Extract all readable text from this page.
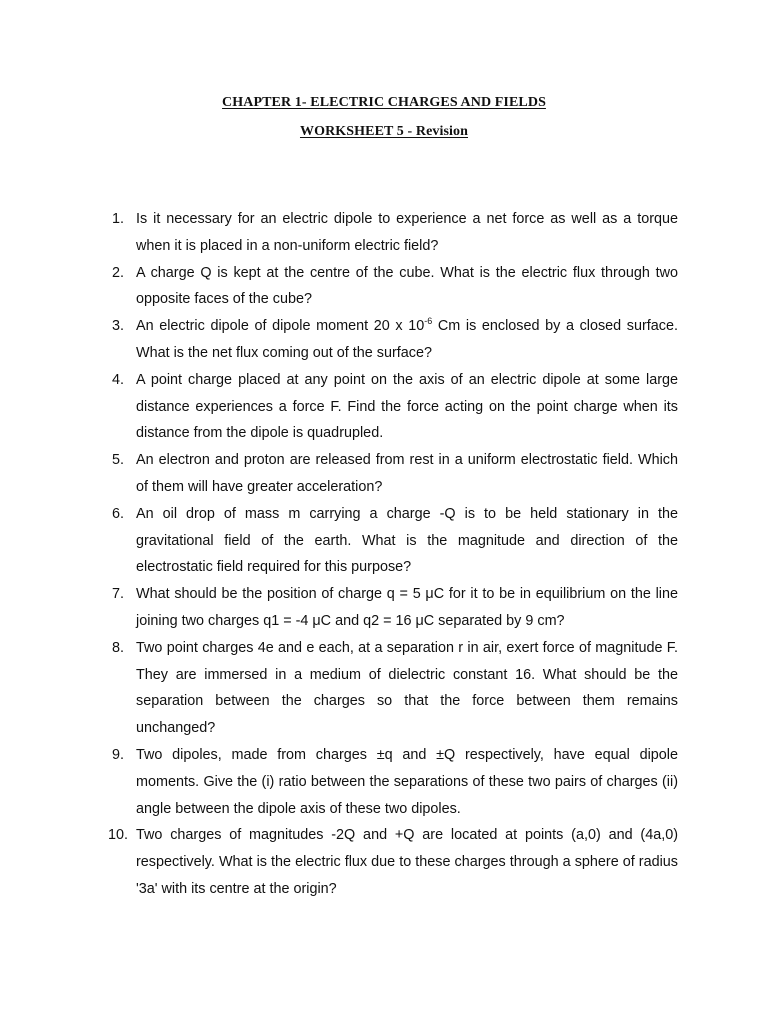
CHAPTER 1- ELECTRIC CHARGES AND FIELDS
WORKSHEET 5 - Revision
1. Is it necessary for an electric dipole to experience a net force as well as a torque when it is placed in a non-uniform electric field?
2. A charge Q is kept at the centre of the cube. What is the electric flux through two opposite faces of the cube?
3. An electric dipole of dipole moment 20 x $10^{-6}$ Cm is enclosed by a closed surface. What is the net flux coming out of the surface?
4. A point charge placed at any point on the axis of an electric dipole at some large distance experiences a force F. Find the force acting on the point charge when its distance from the dipole is quadrupled.
5. An electron and proton are released from rest in a uniform electrostatic field. Which of them will have greater acceleration?
6. An oil drop of mass m carrying a charge -Q is to be held stationary in the gravitational field of the earth. What is the magnitude and direction of the electrostatic field required for this purpose?
7. What should be the position of charge q = 5 μC for it to be in equilibrium on the line joining two charges q1 = -4 μC and q2 = 16 μC separated by 9 cm?
8. Two point charges 4e and e each, at a separation r in air, exert force of magnitude F. They are immersed in a medium of dielectric constant 16. What should be the separation between the charges so that the force between them remains unchanged?
9. Two dipoles, made from charges ±q and ±Q respectively, have equal dipole moments. Give the (i) ratio between the separations of these two pairs of charges (ii) angle between the dipole axis of these two dipoles.
10. Two charges of magnitudes -2Q and +Q are located at points (a,0) and (4a,0) respectively. What is the electric flux due to these charges through a sphere of radius '3a' with its centre at the origin?
